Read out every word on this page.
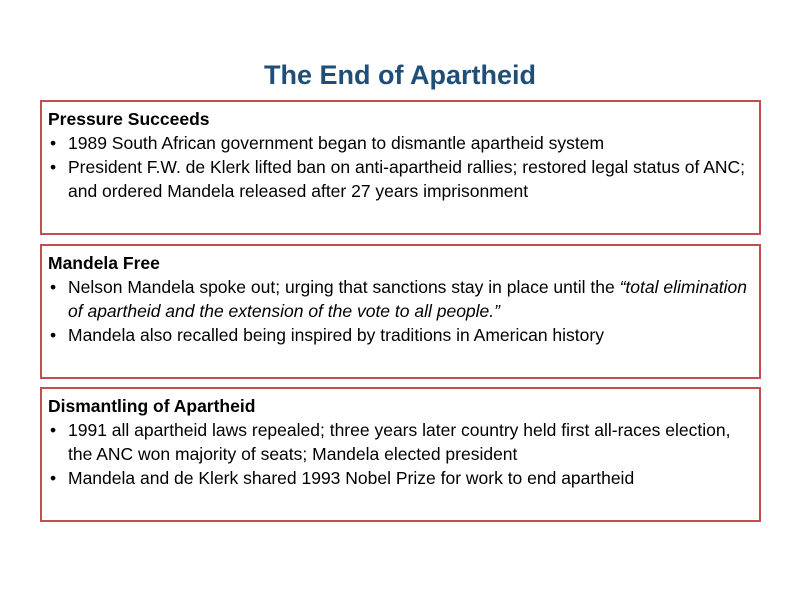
The End of Apartheid

Pressure Succeeds

• 1989 South African government began to dismantle apartheid system
• President F.W. de Klerk lifted ban on anti-apartheid rallies; restored legal status of ANC; and ordered Mandela released after 27 years imprisonment

Mandela Free

• Nelson Mandela spoke out; urging that sanctions stay in place until the “total elimination of apartheid and the extension of the vote to all people.”
• Mandela also recalled being inspired by traditions in American history

Dismantling of Apartheid

• 1991 all apartheid laws repealed; three years later country held first all-races election, the ANC won majority of seats; Mandela elected president
• Mandela and de Klerk shared 1993 Nobel Prize for work to end apartheid
